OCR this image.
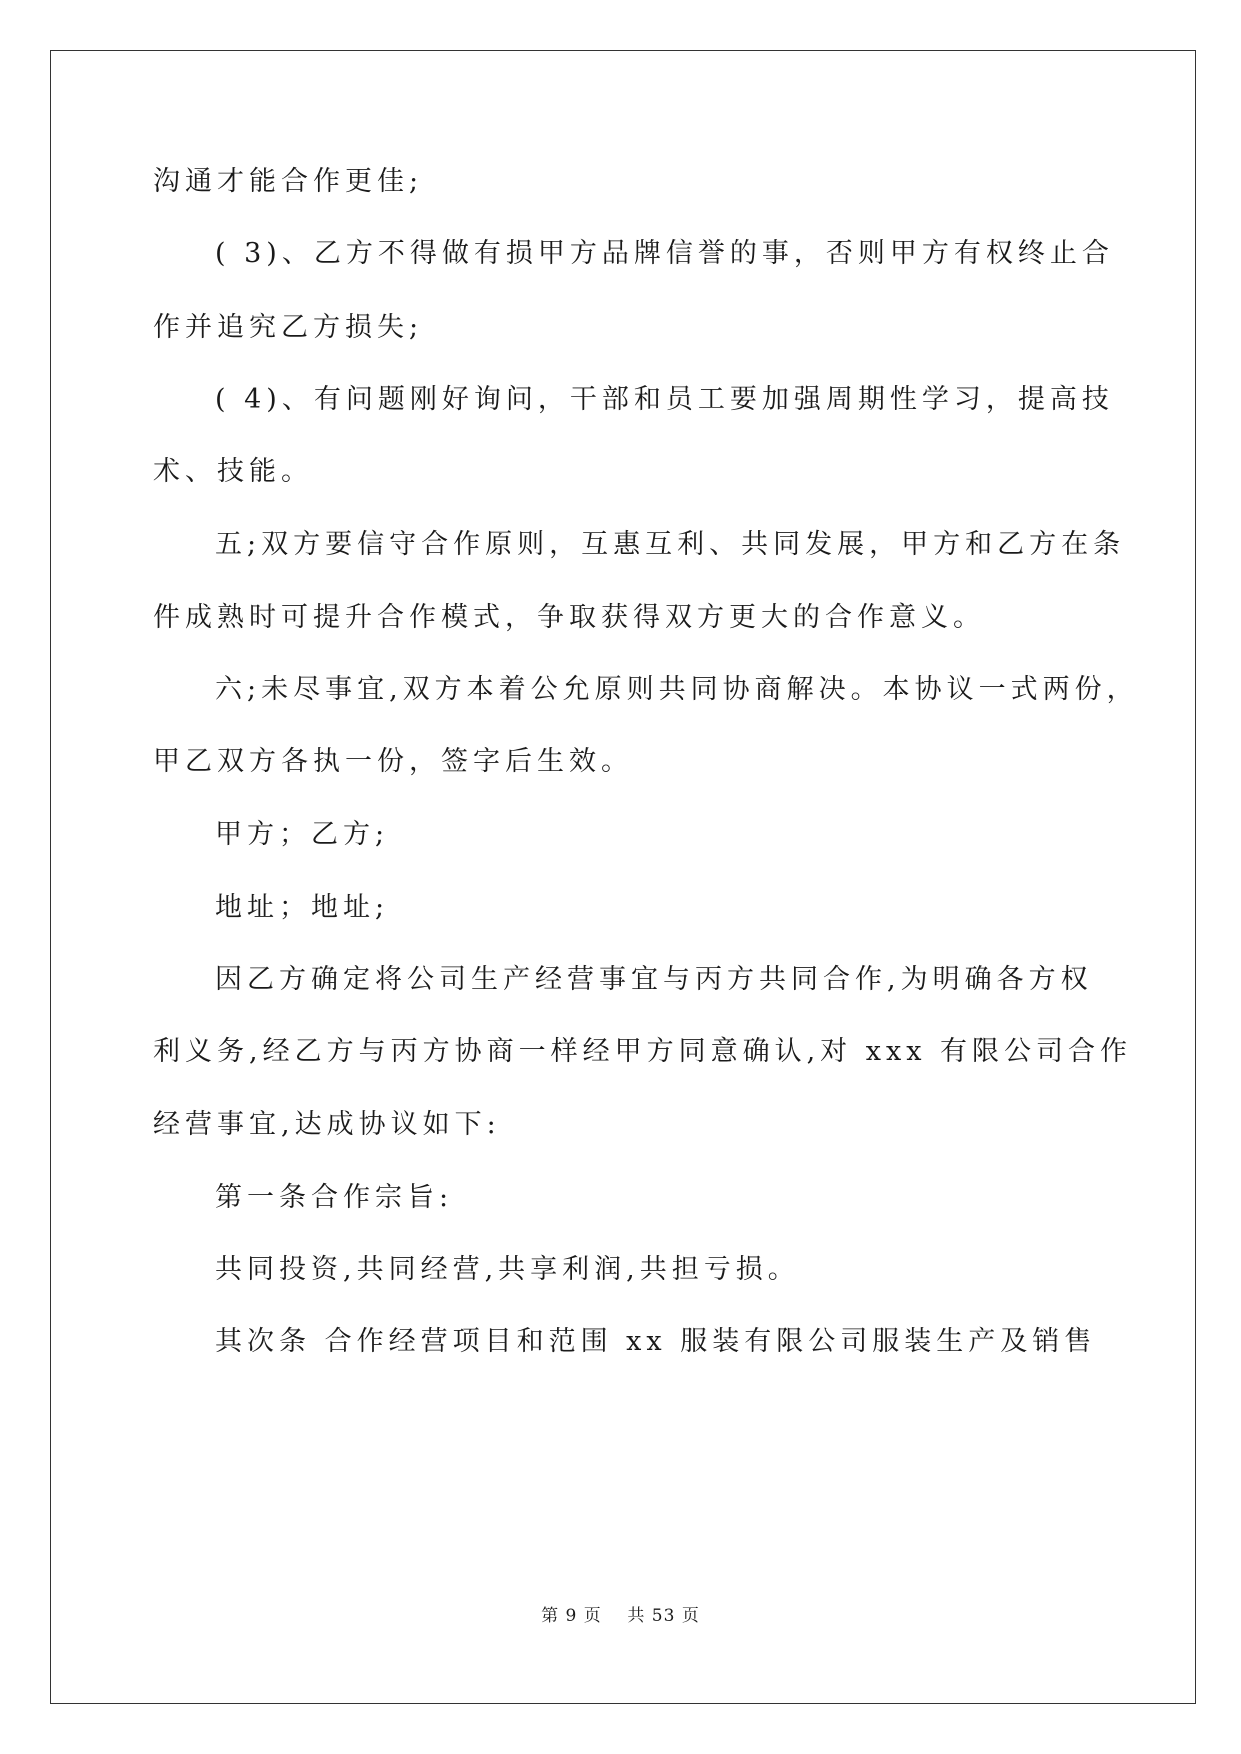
沟通才能合作更佳;
( 3)、乙方不得做有损甲方品牌信誉的事，否则甲方有权终止合
作并追究乙方损失;
( 4)、有问题刚好询问，干部和员工要加强周期性学习，提高技
术、技能。
五;双方要信守合作原则，互惠互利、共同发展，甲方和乙方在条
件成熟时可提升合作模式，争取获得双方更大的合作意义。
六;未尽事宜,双方本着公允原则共同协商解决。本协议一式两份，
甲乙双方各执一份，签字后生效。
甲方；乙方;
地址；地址;
因乙方确定将公司生产经营事宜与丙方共同合作,为明确各方权
利义务,经乙方与丙方协商一样经甲方同意确认,对 xxx 有限公司合作
经营事宜,达成协议如下:
第一条合作宗旨:
共同投资,共同经营,共享利润,共担亏损。
其次条 合作经营项目和范围 xx 服装有限公司服装生产及销售
第 9 页 共 53 页
